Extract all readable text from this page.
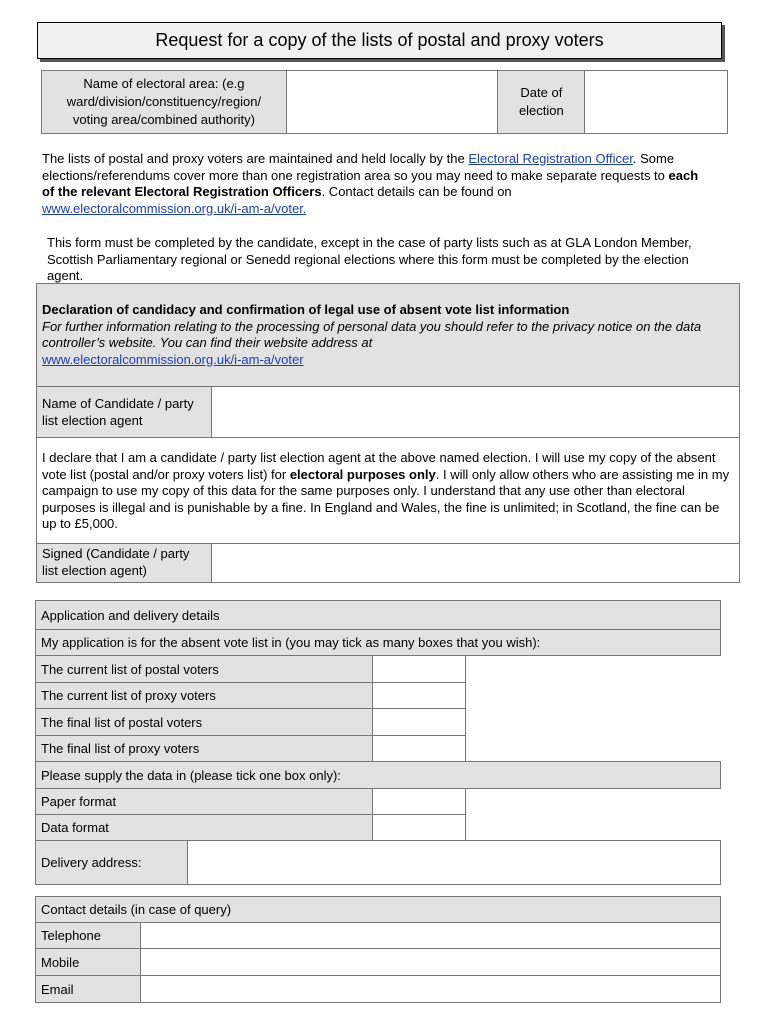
Request for a copy of the lists of postal and proxy voters
Name of electoral area: (e.g
ward/division/constituency/region/
voting area/combined authority)

Date of
election

The lists of postal and proxy voters are maintained and held locally by the Electoral Registration Officer. Some elections/referendums cover more than one registration area so you may need to make separate requests to each of the relevant Electoral Registration Officers. Contact details can be found on www.electoralcommission.org.uk/i-am-a/voter.
This form must be completed by the candidate, except in the case of party lists such as at GLA London Member, Scottish Parliamentary regional or Senedd regional elections where this form must be completed by the election agent.
Declaration of candidacy and confirmation of legal use of absent vote list information
For further information relating to the processing of personal data you should refer to the privacy notice on the data controller’s website. You can find their website address at
www.electoralcommission.org.uk/i-am-a/voter
Name of Candidate / party list election agent
I declare that I am a candidate / party list election agent at the above named election. I will use my copy of the absent vote list (postal and/or proxy voters list) for electoral purposes only. I will only allow others who are assisting me in my campaign to use my copy of this data for the same purposes only. I understand that any use other than electoral purposes is illegal and is punishable by a fine. In England and Wales, the fine is unlimited; in Scotland, the fine can be up to £5,000.
Signed (Candidate / party list election agent)
Application and delivery details		
My application is for the absent vote list in (you may tick as many boxes that you wish):		
The current list of postal voters		
The current list of proxy voters		
The final list of postal voters		
The final list of proxy voters		
Please supply the data in (please tick one box only):		
Paper format		
Data format		
Delivery address:	
Contact details (in case of query)	
Telephone	
Mobile	
Email	
